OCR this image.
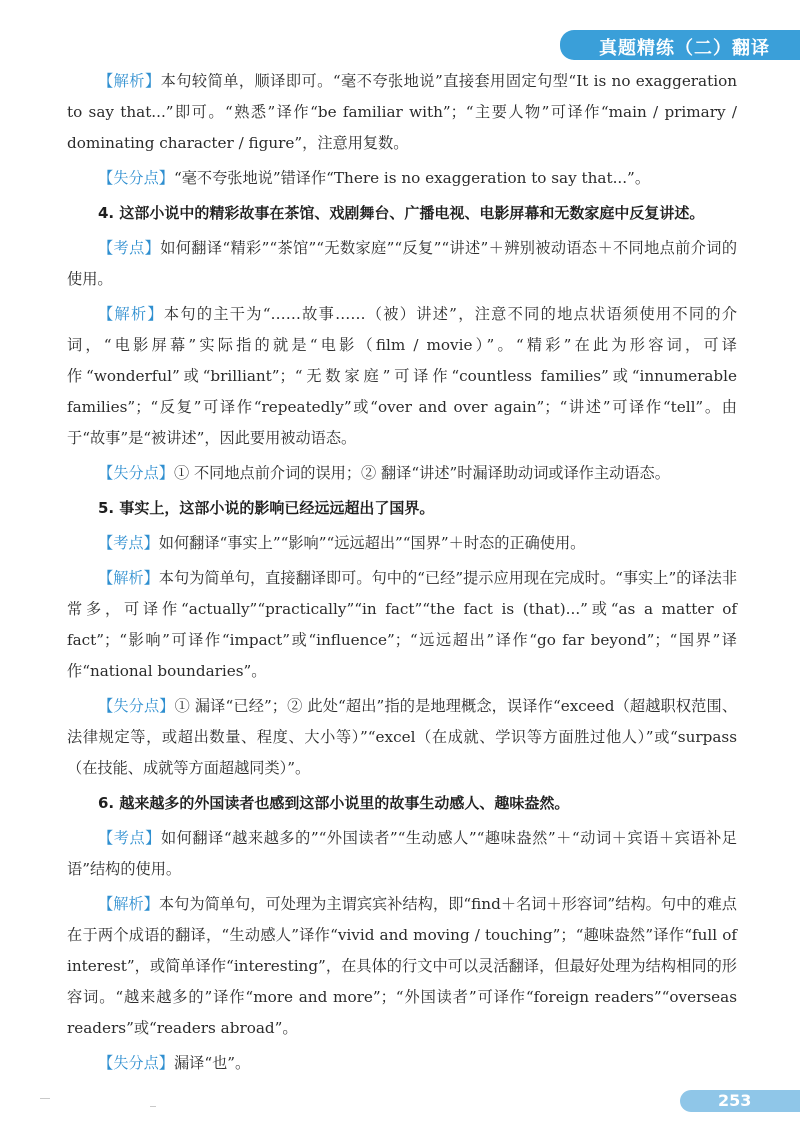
真题精练（二）翻译

【解析】本句较简单，顺译即可。“毫不夸张地说”直接套用固定句型“It is no exaggeration to say that...”即可。“熟悉”译作“be familiar with”；“主要人物”可译作“main / primary / dominating character / figure”，注意用复数。

【失分点】“毫不夸张地说”错译作“There is no exaggeration to say that...”。

4. 这部小说中的精彩故事在茶馆、戏剧舞台、广播电视、电影屏幕和无数家庭中反复讲述。

【考点】如何翻译“精彩”“茶馆”“无数家庭”“反复”“讲述”＋辨别被动语态＋不同地点前介词的使用。

【解析】本句的主干为“……故事……（被）讲述”，注意不同的地点状语须使用不同的介词，“电影屏幕”实际指的就是“电影（film / movie）”。“精彩”在此为形容词，可译作“wonderful”或“brilliant”；“无数家庭”可译作“countless families”或“innumerable families”；“反复”可译作“repeatedly”或“over and over again”；“讲述”可译作“tell”。由于“故事”是“被讲述”，因此要用被动语态。

【失分点】① 不同地点前介词的误用；② 翻译“讲述”时漏译助动词或译作主动语态。

5. 事实上，这部小说的影响已经远远超出了国界。

【考点】如何翻译“事实上”“影响”“远远超出”“国界”＋时态的正确使用。

【解析】本句为简单句，直接翻译即可。句中的“已经”提示应用现在完成时。“事实上”的译法非常多，可译作“actually”“practically”“in fact”“the fact is (that)...”或“as a matter of fact”；“影响”可译作“impact”或“influence”；“远远超出”译作“go far beyond”；“国界”译作“national boundaries”。

【失分点】① 漏译“已经”；② 此处“超出”指的是地理概念，误译作“exceed（超越职权范围、法律规定等，或超出数量、程度、大小等）”“excel（在成就、学识等方面胜过他人）”或“surpass（在技能、成就等方面超越同类）”。

6. 越来越多的外国读者也感到这部小说里的故事生动感人、趣味盎然。

【考点】如何翻译“越来越多的”“外国读者”“生动感人”“趣味盎然”＋“动词＋宾语＋宾语补足语”结构的使用。

【解析】本句为简单句，可处理为主谓宾宾补结构，即“find＋名词＋形容词”结构。句中的难点在于两个成语的翻译，“生动感人”译作“vivid and moving / touching”；“趣味盎然”译作“full of interest”，或简单译作“interesting”，在具体的行文中可以灵活翻译，但最好处理为结构相同的形容词。“越来越多的”译作“more and more”；“外国读者”可译作“foreign readers”“overseas readers”或“readers abroad”。

【失分点】漏译“也”。

253
